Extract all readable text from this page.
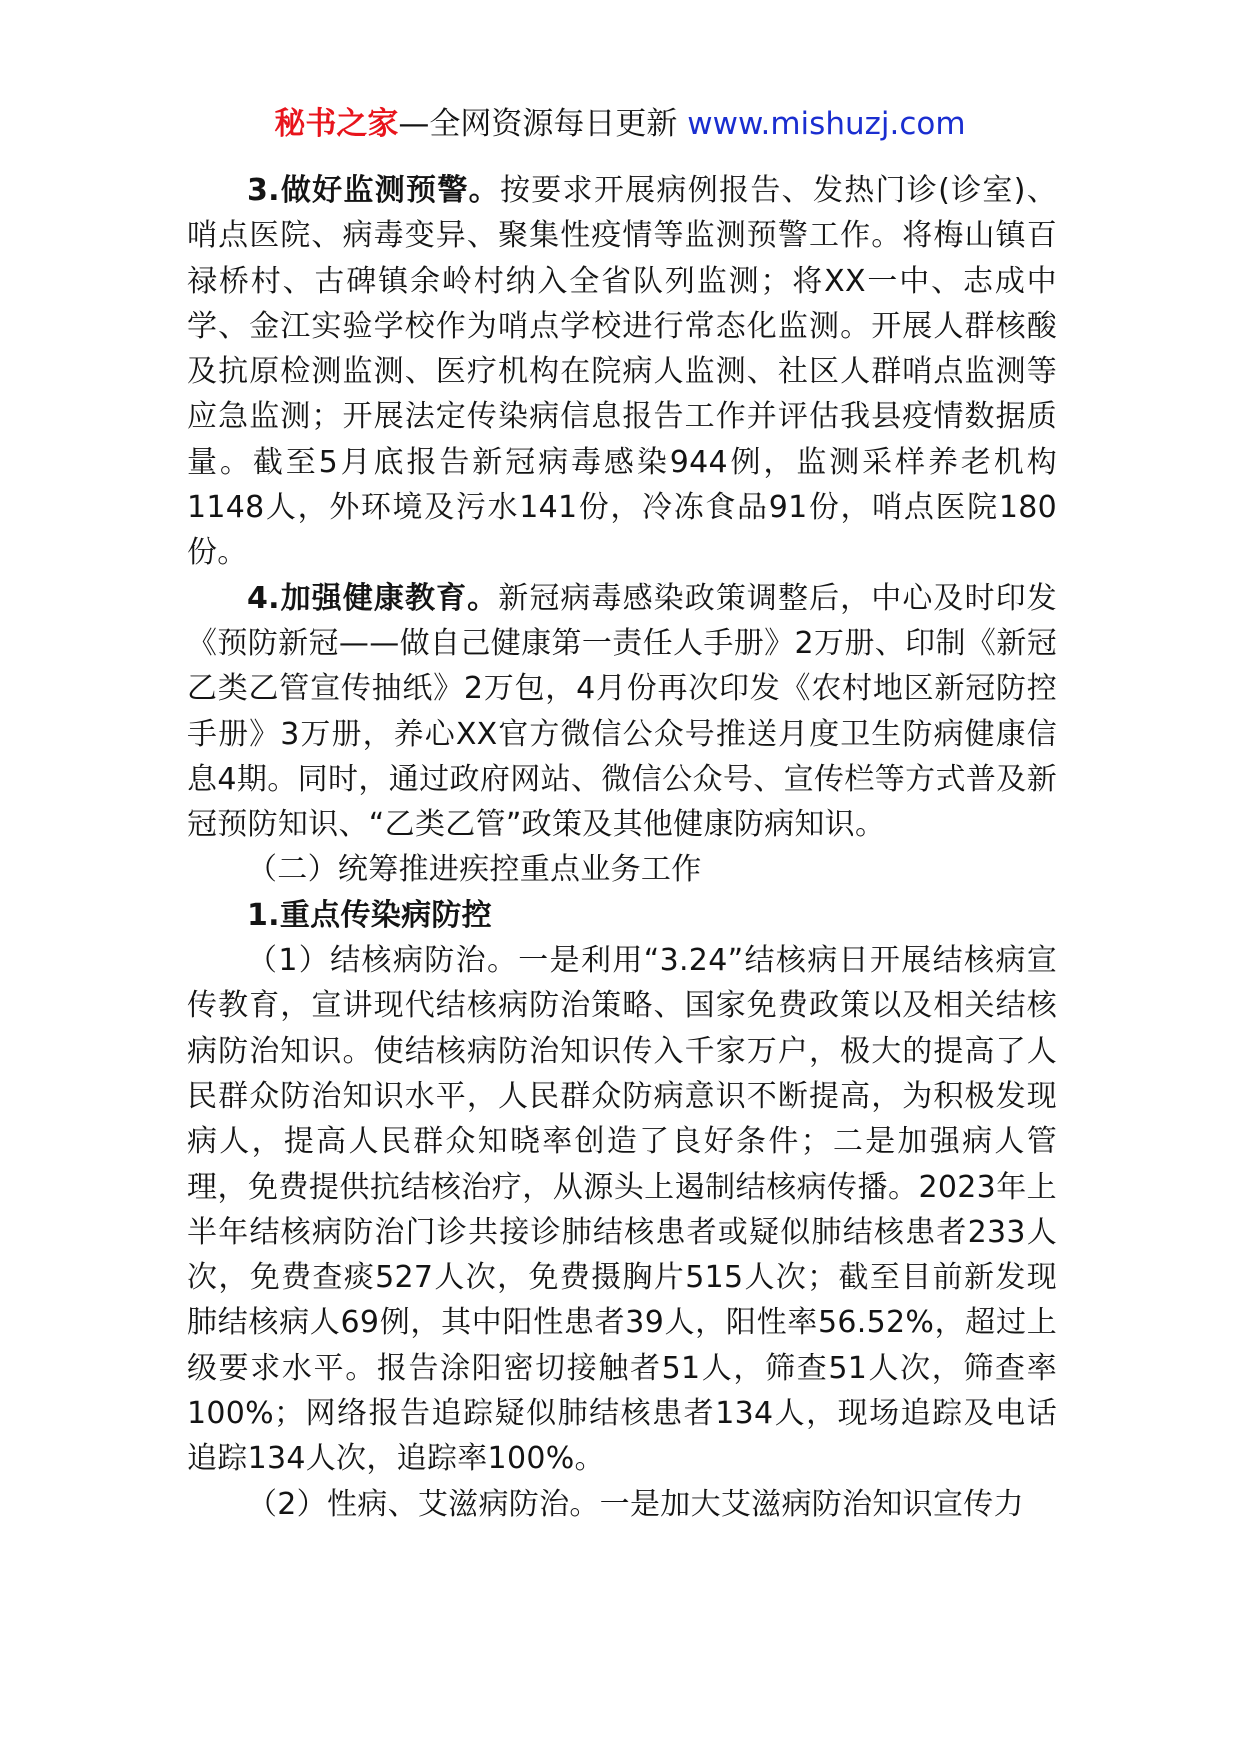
秘书之家—全网资源每日更新 www.mishuzj.com

3.做好监测预警。按要求开展病例报告、发热门诊(诊室)、哨点医院、病毒变异、聚集性疫情等监测预警工作。将梅山镇百禄桥村、古碑镇余岭村纳入全省队列监测；将XX一中、志成中学、金江实验学校作为哨点学校进行常态化监测。开展人群核酸及抗原检测监测、医疗机构在院病人监测、社区人群哨点监测等应急监测；开展法定传染病信息报告工作并评估我县疫情数据质量。截至5月底报告新冠病毒感染944例，监测采样养老机构1148人，外环境及污水141份，冷冻食品91份，哨点医院180份。

4.加强健康教育。新冠病毒感染政策调整后，中心及时印发《预防新冠——做自己健康第一责任人手册》2万册、印制《新冠乙类乙管宣传抽纸》2万包，4月份再次印发《农村地区新冠防控手册》3万册，养心XX官方微信公众号推送月度卫生防病健康信息4期。同时，通过政府网站、微信公众号、宣传栏等方式普及新冠预防知识、“乙类乙管”政策及其他健康防病知识。

（二）统筹推进疾控重点业务工作

1.重点传染病防控

（1）结核病防治。一是利用“3.24”结核病日开展结核病宣传教育，宣讲现代结核病防治策略、国家免费政策以及相关结核病防治知识。使结核病防治知识传入千家万户，极大的提高了人民群众防治知识水平，人民群众防病意识不断提高，为积极发现病人，提高人民群众知晓率创造了良好条件；二是加强病人管理，免费提供抗结核治疗，从源头上遏制结核病传播。2023年上半年结核病防治门诊共接诊肺结核患者或疑似肺结核患者233人次，免费查痰527人次，免费摄胸片515人次；截至目前新发现肺结核病人69例，其中阳性患者39人，阳性率56.52%，超过上级要求水平。报告涂阳密切接触者51人，筛查51人次，筛查率100%；网络报告追踪疑似肺结核患者134人，现场追踪及电话追踪134人次，追踪率100%。

（2）性病、艾滋病防治。一是加大艾滋病防治知识宣传力
